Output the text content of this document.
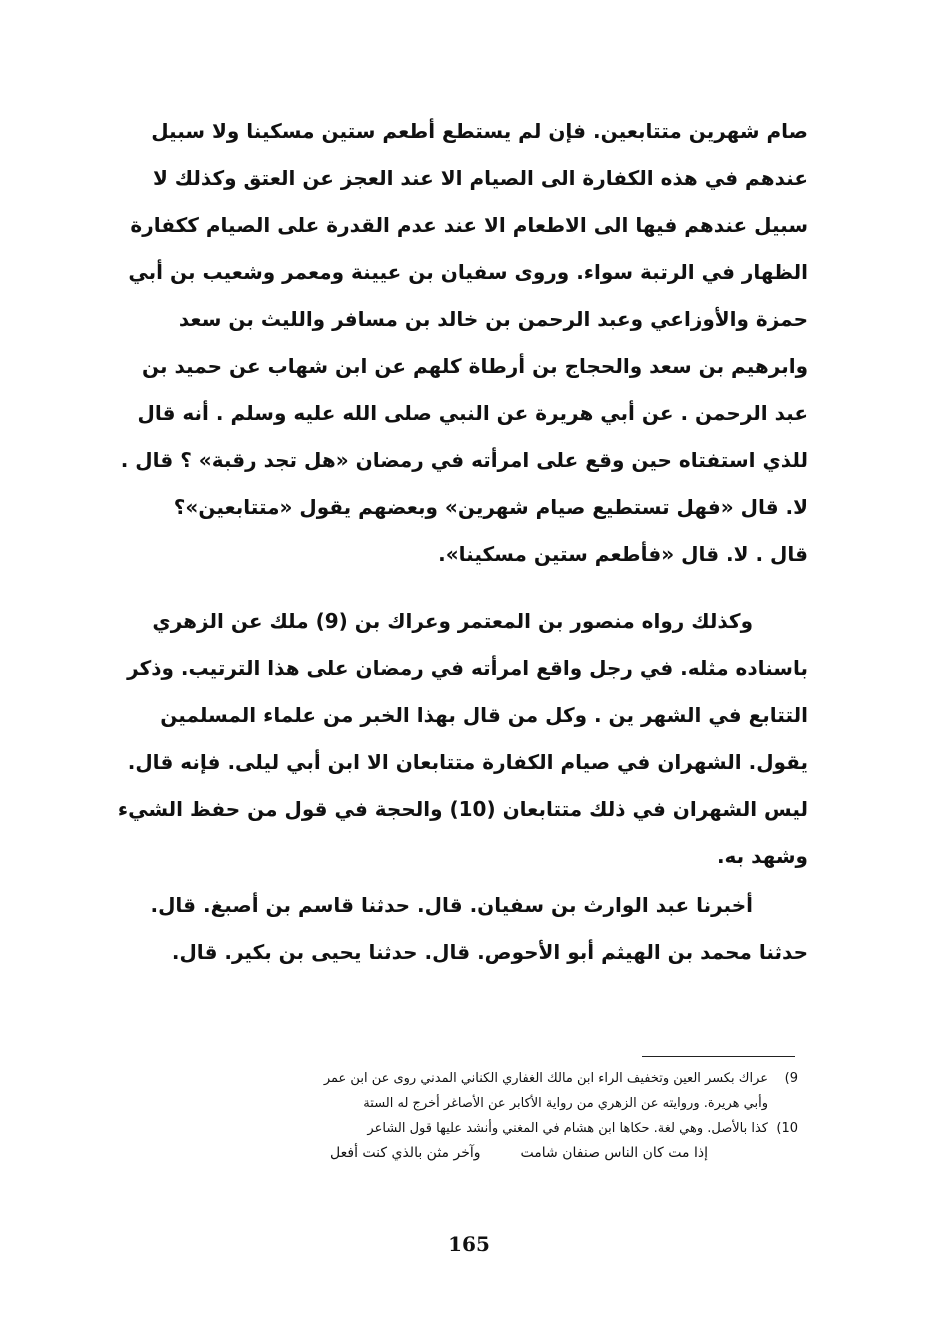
صام شهرين متتابعين. فإن لم يستطع أطعم ستين مسكينا ولا سبيل
عندهم في هذه الكفارة الى الصيام الا عند العجز عن العتق وكذلك لا
سبيل عندهم فيها الى الاطعام الا عند عدم القدرة على الصيام ككفارة
الظهار في الرتبة سواء. وروى سفيان بن عيينة ومعمر وشعيب بن أبي
حمزة والأوزاعي وعبد الرحمن بن خالد بن مسافر والليث بن سعد
وابرهيم بن سعد والحجاج بن أرطاة كلهم عن ابن شهاب عن حميد بن
عبد الرحمن . عن أبي هريرة عن النبي صلى الله عليه وسلم . أنه قال
للذي استفتاه حين وقع على امرأته في رمضان «هل تجد رقبة» ؟ قال .
لا. قال «فهل تستطيع صيام شهرين» وبعضهم يقول «متتابعين»؟
قال . لا. قال «فأطعم ستين مسكينا».
وكذلك رواه منصور بن المعتمر وعراك بن (9) ملك عن الزهري
باسناده مثله. في رجل واقع امرأته في رمضان على هذا الترتيب. وذكر
التتابع في الشهر ين . وكل من قال بهذا الخبر من علماء المسلمين
يقول. الشهران في صيام الكفارة متتابعان الا ابن أبي ليلى. فإنه قال.
ليس الشهران في ذلك متتابعان (10) والحجة في قول من حفظ الشيء
وشهد به.
أخبرنا عبد الوارث بن سفيان. قال. حدثنا قاسم بن أصبغ. قال.
حدثنا محمد بن الهيثم أبو الأحوص. قال. حدثنا يحيى بن بكير. قال.
(9
عراك بكسر العين وتخفيف الراء ابن مالك الغفاري الكناني المدني روى عن ابن عمر
وأبي هريرة. وروايته عن الزهري من رواية الأكابر عن الأصاغر أخرج له الستة
(10
كذا بالأصل. وهي لغة. حكاها ابن هشام في المغني وأنشد عليها قول الشاعر
إذا مت كان الناس صنفان شامت
وآخر مثن بالذي كنت أفعل
165
